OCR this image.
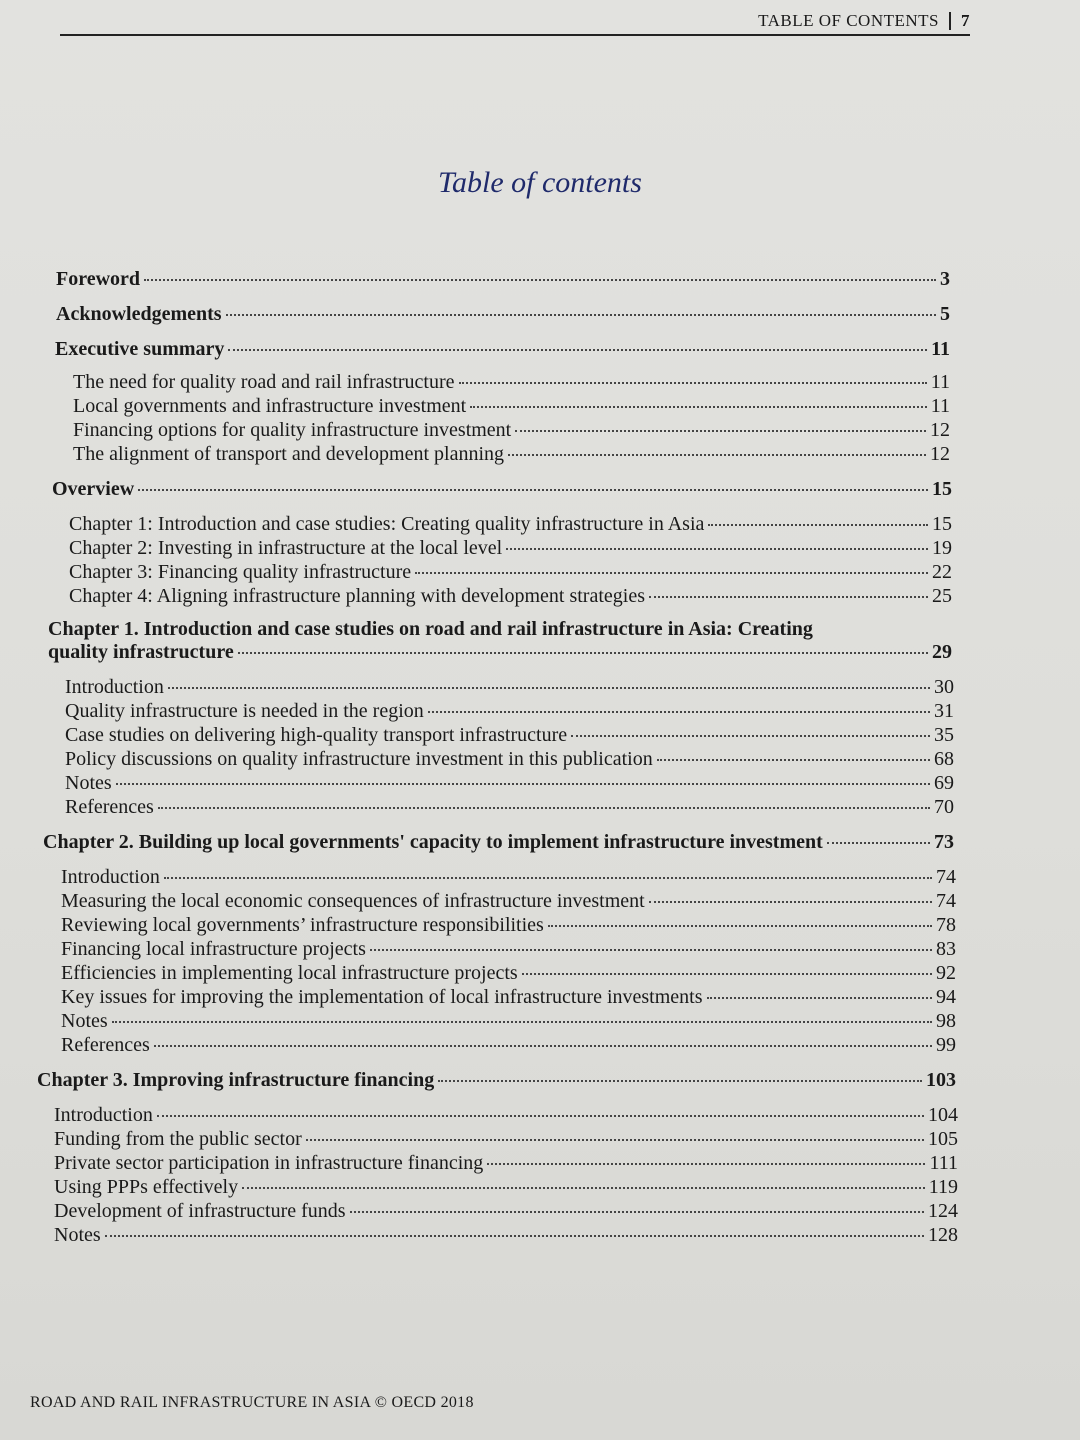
TABLE OF CONTENTS	7
Table of contents
Foreword	3
Acknowledgements	5
Executive summary	11
The need for quality road and rail infrastructure	11
Local governments and infrastructure investment	11
Financing options for quality infrastructure investment	12
The alignment of transport and development planning	12
Overview	15
Chapter 1: Introduction and case studies: Creating quality infrastructure in Asia	15
Chapter 2: Investing in infrastructure at the local level	19
Chapter 3: Financing quality infrastructure	22
Chapter 4: Aligning infrastructure planning with development strategies	25
Chapter 1. Introduction and case studies on road and rail infrastructure in Asia: Creating
quality infrastructure	29
Introduction	30
Quality infrastructure is needed in the region	31
Case studies on delivering high-quality transport infrastructure	35
Policy discussions on quality infrastructure investment in this publication	68
Notes	69
References	70
Chapter 2. Building up local governments' capacity to implement infrastructure investment	73
Introduction	74
Measuring the local economic consequences of infrastructure investment	74
Reviewing local governments’ infrastructure responsibilities	78
Financing local infrastructure projects	83
Efficiencies in implementing local infrastructure projects	92
Key issues for improving the implementation of local infrastructure investments	94
Notes	98
References	99
Chapter 3. Improving infrastructure financing	103
Introduction	104
Funding from the public sector	105
Private sector participation in infrastructure financing	111
Using PPPs effectively	119
Development of infrastructure funds	124
Notes	128
ROAD AND RAIL INFRASTRUCTURE IN ASIA © OECD 2018
